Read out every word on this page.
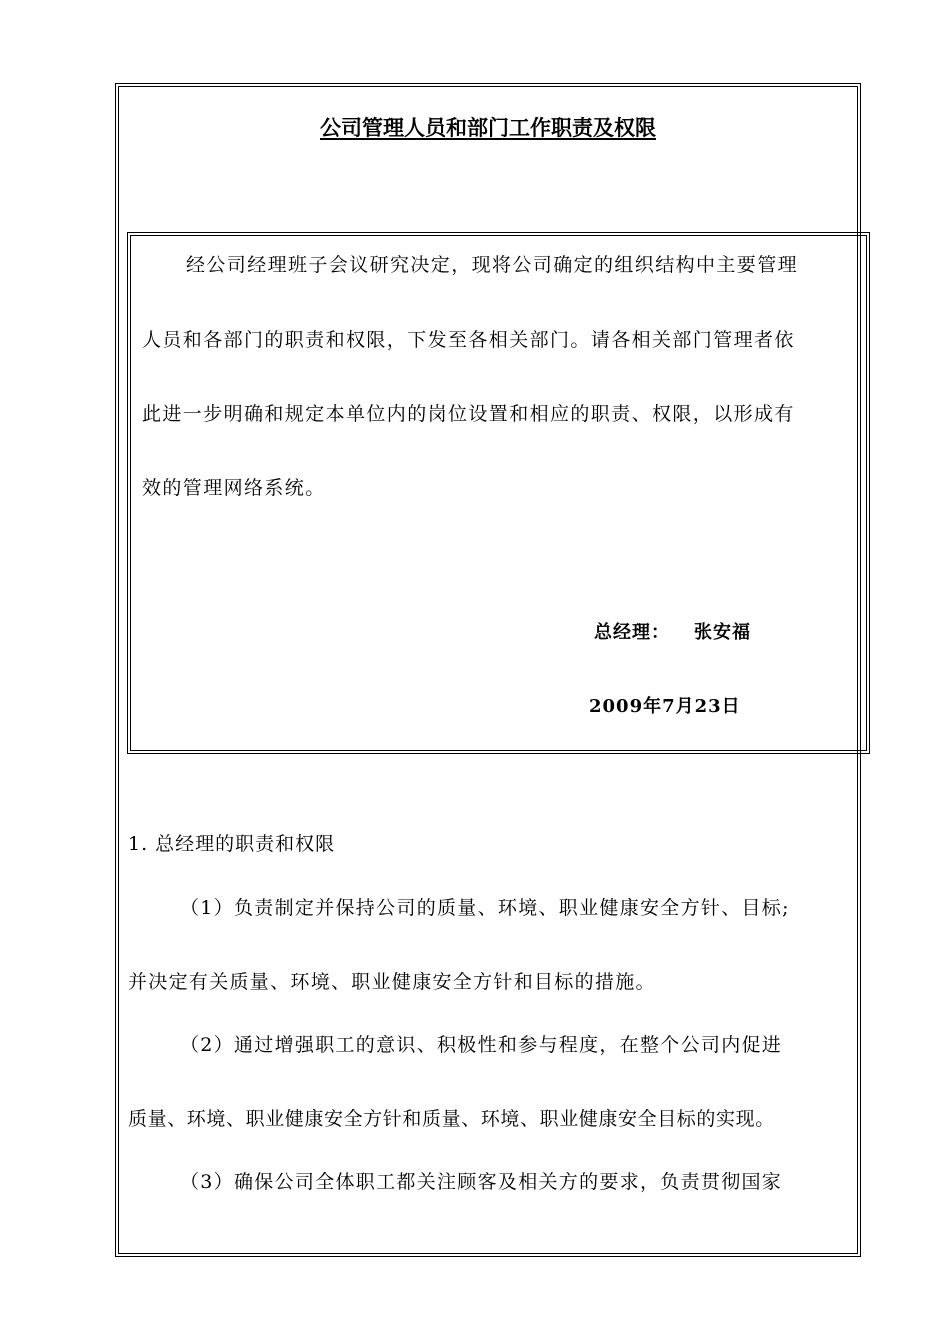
公司管理人员和部门工作职责及权限
经公司经理班子会议研究决定，现将公司确定的组织结构中主要管理
人员和各部门的职责和权限，下发至各相关部门。请各相关部门管理者依
此进一步明确和规定本单位内的岗位设置和相应的职责、权限，以形成有
效的管理网络系统。
总经理： 张安福
2009年7月23日
1. 总经理的职责和权限
（1）负责制定并保持公司的质量、环境、职业健康安全方针、目标;
并决定有关质量、环境、职业健康安全方针和目标的措施。
（2）通过增强职工的意识、积极性和参与程度，在整个公司内促进
质量、环境、职业健康安全方针和质量、环境、职业健康安全目标的实现。
（3）确保公司全体职工都关注顾客及相关方的要求，负责贯彻国家
